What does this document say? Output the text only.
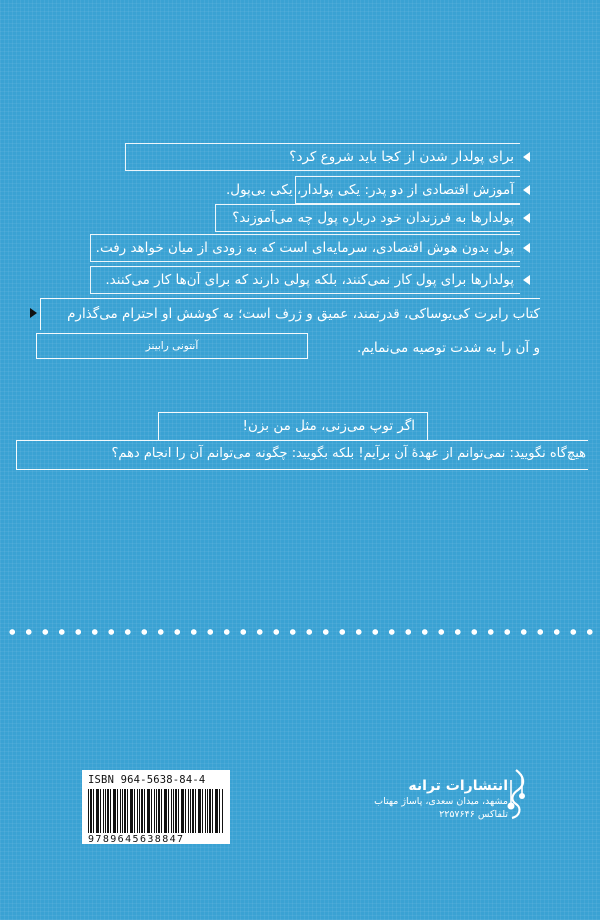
برای پولدار شدن از کجا باید شروع کرد؟
آموزش اقتصادی از دو پدر: یکی پولدار، یکی بی‌پول.
پولدارها به فرزندان خود درباره پول چه می‌آموزند؟
پول بدون هوش اقتصادی، سرمایه‌ای است که به زودی از میان خواهد رفت.
پولدارها برای پول کار نمی‌کنند، بلکه پولی دارند که برای آن‌ها کار می‌کنند.
کتاب رابرت کی‌یوساکی، قدرتمند، عمیق و ژرف است؛ به کوشش او احترام می‌گذارم
و آن را به شدت توصیه می‌نمایم.
آنتونی رابینز
اگر توپ می‌زنی، مثل من بزن!
هیچ‌گاه نگویید: نمی‌توانم از عهدهٔ آن برآیم! بلکه بگویید: چگونه می‌توانم آن را انجام دهم؟
ISBN 964-5638-84-4
9789645638847
انتشارات ترانه
مشهد، میدان سعدی، پاساژ مهتاب
تلفاکس ۲۲۵۷۶۴۶
